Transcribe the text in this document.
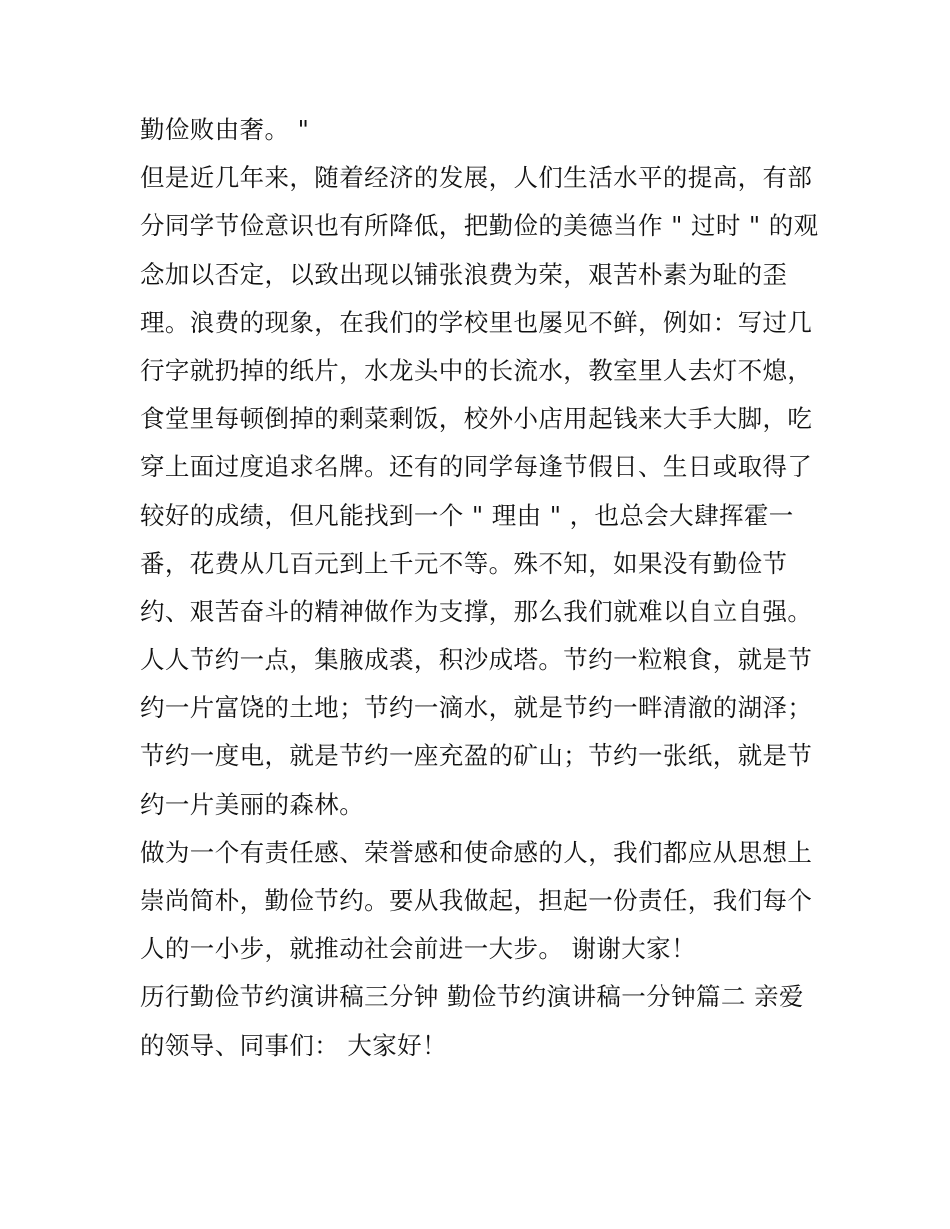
勤俭败由奢。 "
但是近几年来，随着经济的发展，人们生活水平的提高，有部
分同学节俭意识也有所降低，把勤俭的美德当作 " 过时 " 的观
念加以否定，以致出现以铺张浪费为荣，艰苦朴素为耻的歪
理。浪费的现象，在我们的学校里也屡见不鲜，例如：写过几
行字就扔掉的纸片，水龙头中的长流水，教室里人去灯不熄，
食堂里每顿倒掉的剩菜剩饭，校外小店用起钱来大手大脚，吃
穿上面过度追求名牌。还有的同学每逢节假日、生日或取得了
较好的成绩，但凡能找到一个 " 理由 " ，也总会大肆挥霍一
番，花费从几百元到上千元不等。殊不知，如果没有勤俭节
约、艰苦奋斗的精神做作为支撑，那么我们就难以自立自强。
人人节约一点，集腋成裘，积沙成塔。节约一粒粮食，就是节
约一片富饶的土地；节约一滴水，就是节约一畔清澈的湖泽；
节约一度电，就是节约一座充盈的矿山；节约一张纸，就是节
约一片美丽的森林。
做为一个有责任感、荣誉感和使命感的人，我们都应从思想上
崇尚简朴，勤俭节约。要从我做起，担起一份责任，我们每个
人的一小步，就推动社会前进一大步。 谢谢大家！
历行勤俭节约演讲稿三分钟 勤俭节约演讲稿一分钟篇二 亲爱
的领导、同事们： 大家好！
